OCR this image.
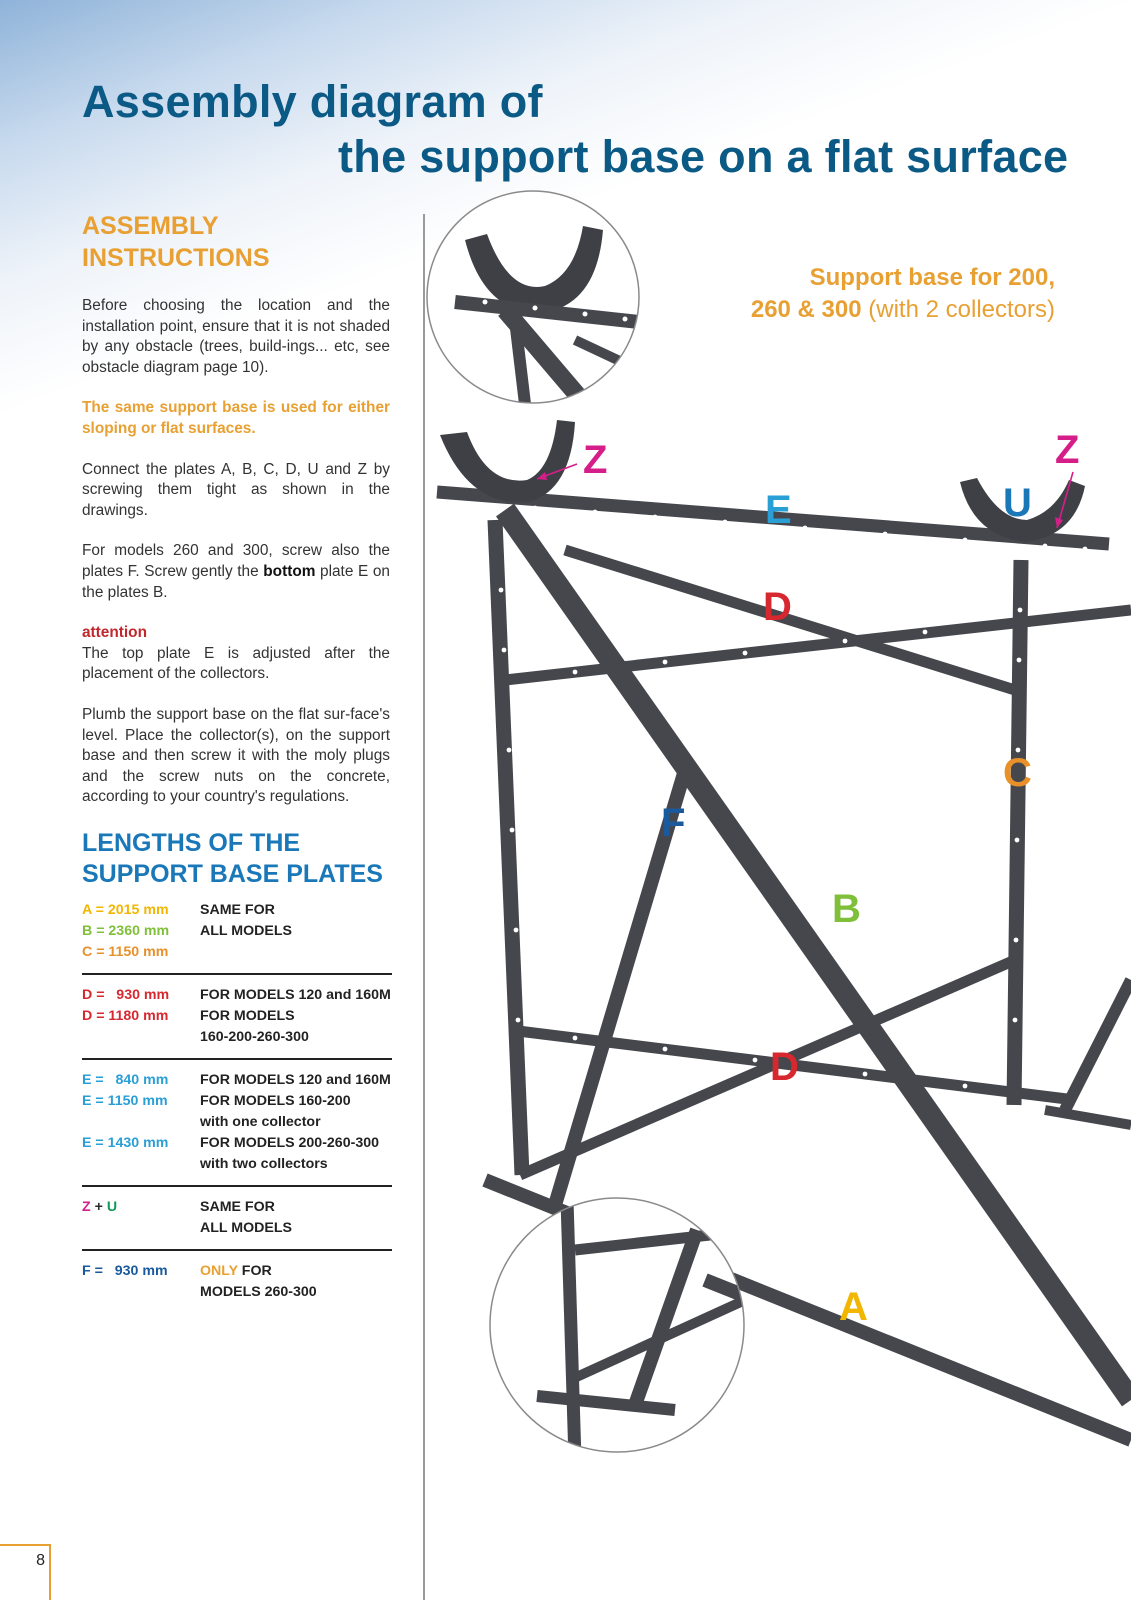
Assembly diagram of
the support base on a flat surface
ASSEMBLY
INSTRUCTIONS

Before choosing the location and the installation point, ensure that it is not shaded by any obstacle (trees, build-ings... etc, see obstacle diagram page 10).

The same support base is used for either sloping or flat surfaces.

Connect the plates A, B, C, D, U and Z by screwing them tight as shown in the drawings.

For models 260 and 300, screw also the plates F. Screw gently the bottom plate E on the plates B.

attention
The top plate E is adjusted after the placement of the collectors.

Plumb the support base on the flat sur-face's level. Place the collector(s), on the support base and then screw it with the moly plugs and the screw nuts on the concrete, according to your country's regulations.

LENGTHS OF THE
SUPPORT BASE PLATES
A = 2015 mm	SAME FOR
B = 2360 mm	ALL MODELS
C = 1150 mm
D =   930 mm	FOR MODELS 120 and 160M
D = 1180 mm	FOR MODELS
160-200-260-300
E =   840 mm	FOR MODELS 120 and 160M
E = 1150 mm	FOR MODELS 160-200
with one collector
E = 1430 mm	FOR MODELS 200-260-300
with two collectors
Z + U	SAME FOR
ALL MODELS
F =   930 mm	ONLY FOR
MODELS 260-300
Support base for 200,
260 & 300 (with 2 collectors)
Z	Z
E	U
D
C
F
B
D
A
8
